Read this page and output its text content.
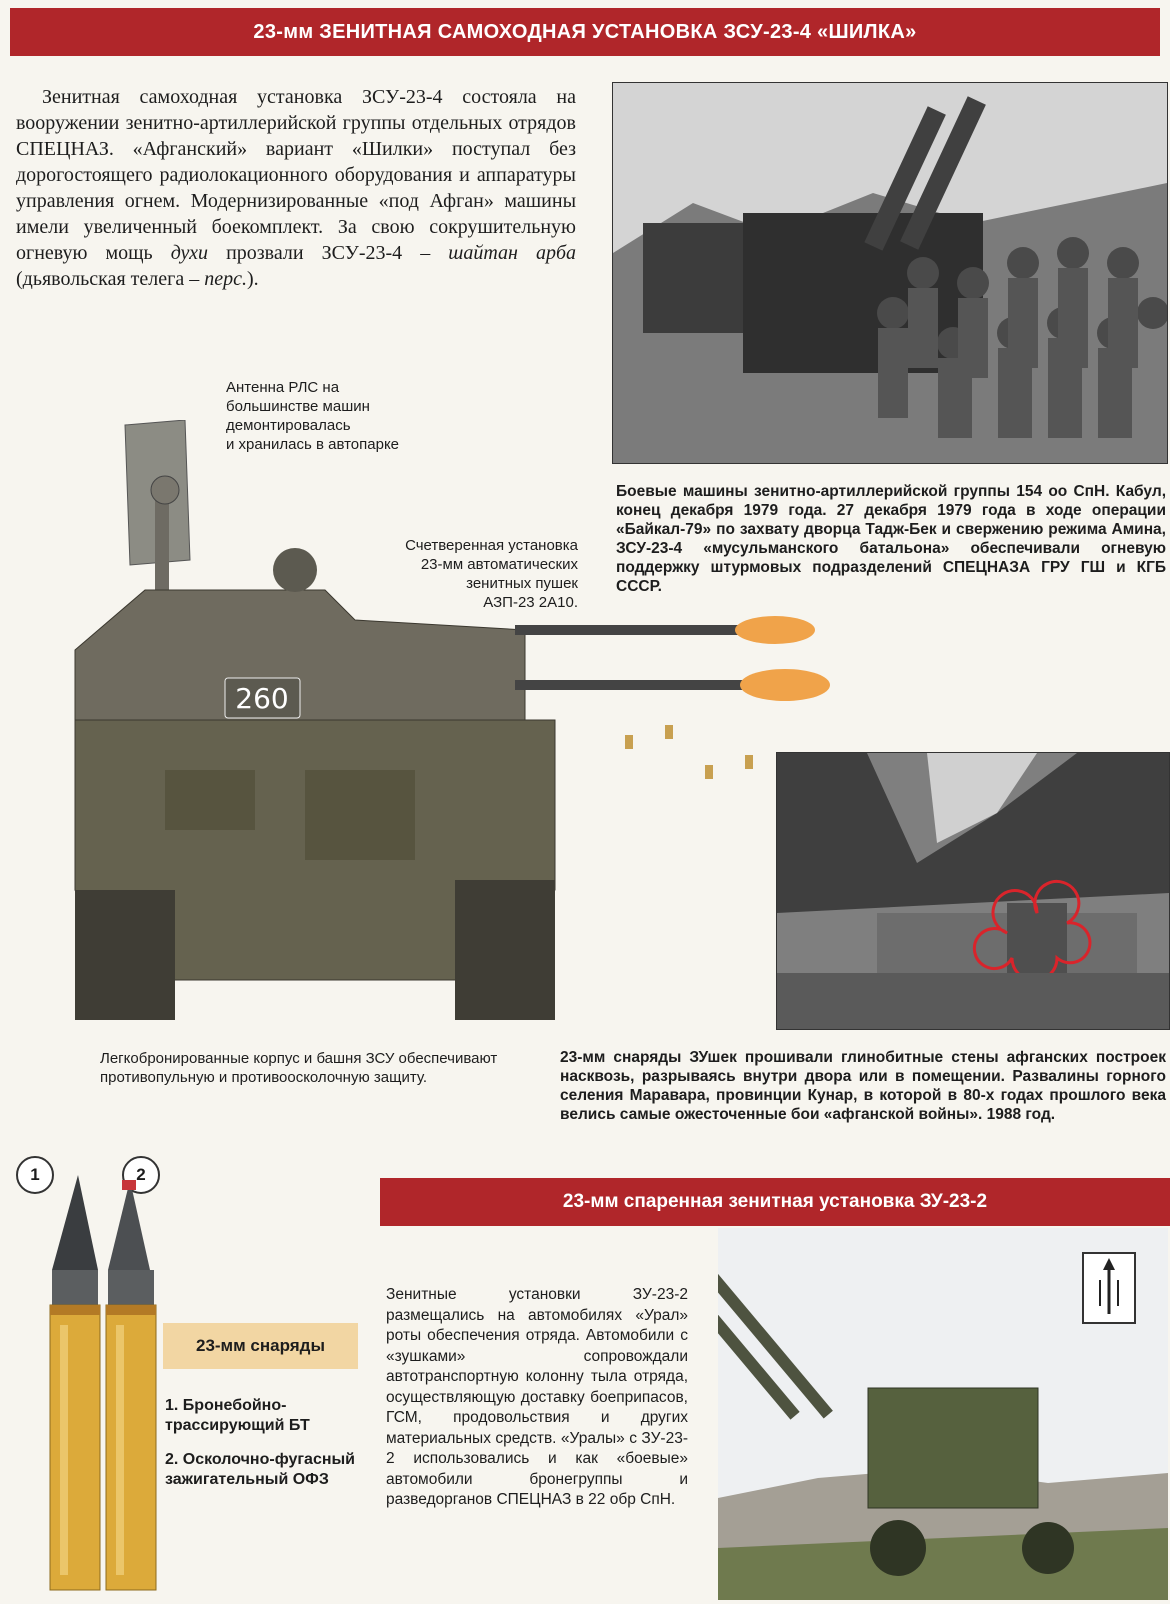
23-мм ЗЕНИТНАЯ САМОХОДНАЯ УСТАНОВКА ЗСУ-23-4 «ШИЛКА»

Зенитная самоходная установка ЗСУ-23-4 состояла на вооружении зенитно-артиллерийской группы отдельных отрядов СПЕЦНАЗ. «Афганский» вариант «Шилки» поступал без дорогостоящего радиолокационного оборудования и аппаратуры управления огнем. Модернизированные «под Афган» машины имели увеличенный боекомплект. За свою сокрушительную огневую мощь духи прозвали ЗСУ-23-4 – шайтан арба (дьявольская телега – перс.).

Боевые машины зенитно-артиллерийской группы 154 оо СпН. Кабул, конец декабря 1979 года. 27 декабря 1979 года в ходе операции «Байкал-79» по захвату дворца Тадж-Бек и свержению режима Амина, ЗСУ-23-4 «мусульманского батальона» обеспечивали огневую поддержку штурмовых подразделений СПЕЦНАЗА ГРУ ГШ и КГБ СССР.

Антенна РЛС на
большинстве машин
демонтировалась
и хранилась в автопарке
Счетверенная установка
23-мм автоматических
зенитных пушек
АЗП-23 2А10.
260

Легкобронированные корпус и башня ЗСУ обеспечивают противопульную и противоосколочную защиту.

23-мм снаряды ЗУшек прошивали глинобитные стены афганских построек насквозь, разрываясь внутри двора или в помещении. Развалины горного селения Маравара, провинции Кунар, в которой в 80-х годах прошлого века велись самые ожесточенные бои «афганской войны». 1988 год.

23-мм спаренная зенитная установка ЗУ-23-2
1	2
23-мм снаряды
1. Бронебойно-трассирующий БТ
2. Осколочно-фугасный зажигательный ОФЗ

Зенитные установки ЗУ-23-2 размещались на автомобилях «Урал» роты обеспечения отряда. Автомобили с «зушками» сопровождали автотранспортную колонну тыла отряда, осуществляющую доставку боеприпасов, ГСМ, продовольствия и других материальных средств. «Уралы» с ЗУ-23-2 использовались и как «боевые» автомобили бронегруппы и разведорганов СПЕЦНАЗ в 22 обр СпН.
